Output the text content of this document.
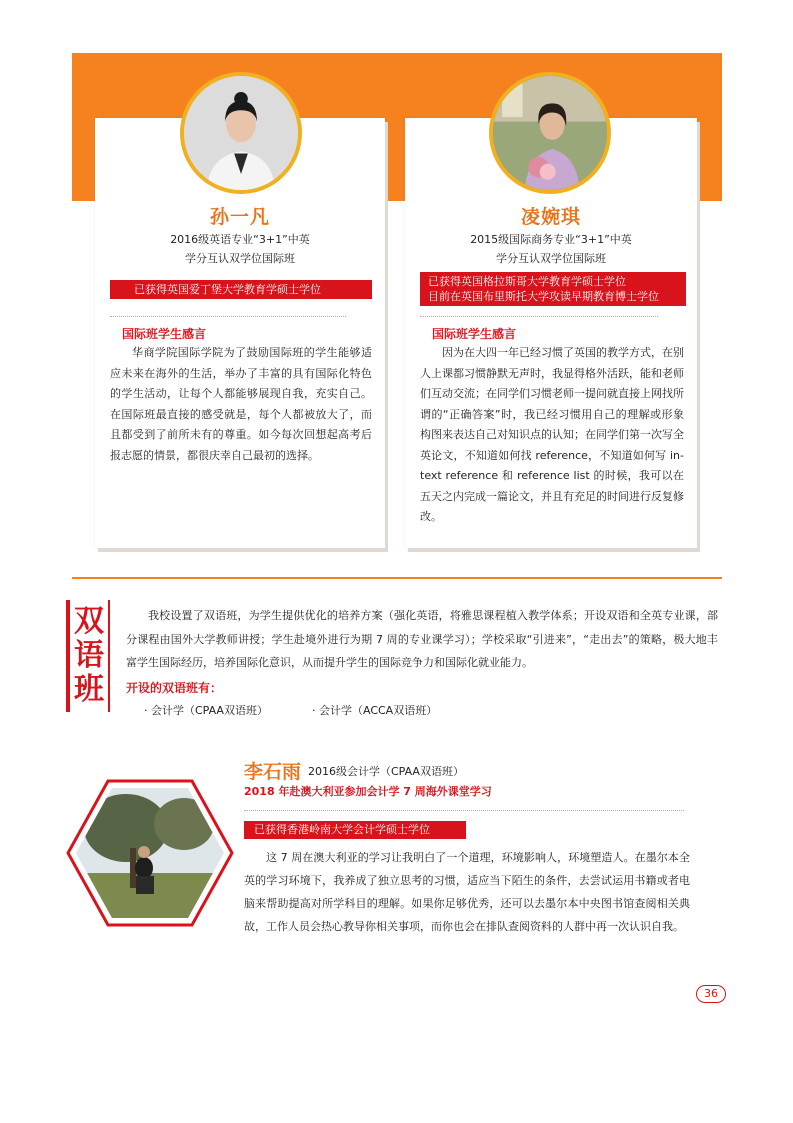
孙一凡
2016级英语专业“3+1”中英
学分互认双学位国际班
已获得英国爱丁堡大学教育学硕士学位
国际班学生感言
华商学院国际学院为了鼓励国际班的学生能够适应未来在海外的生活，举办了丰富的具有国际化特色的学生活动，让每个人都能够展现自我，充实自己。在国际班最直接的感受就是，每个人都被放大了，而且都受到了前所未有的尊重。如今每次回想起高考后报志愿的情景，都很庆幸自己最初的选择。
凌婉琪
2015级国际商务专业“3+1”中英
学分互认双学位国际班
已获得英国格拉斯哥大学教育学硕士学位
目前在英国布里斯托大学攻读早期教育博士学位
国际班学生感言
因为在大四一年已经习惯了英国的教学方式，在别人上课都习惯静默无声时，我显得格外活跃，能和老师们互动交流；在同学们习惯老师一提问就直接上网找所谓的“正确答案”时，我已经习惯用自己的理解或形象构图来表达自己对知识点的认知；在同学们第一次写全英论文，不知道如何找 reference，不知道如何写 in-text reference 和 reference list 的时候，我可以在五天之内完成一篇论文，并且有充足的时间进行反复修改。
双
语
班
我校设置了双语班，为学生提供优化的培养方案（强化英语，将雅思课程植入教学体系；开设双语和全英专业课，部分课程由国外大学教师讲授；学生赴境外进行为期 7 周的专业课学习）；学校采取“引进来”，“走出去”的策略，极大地丰富学生国际经历，培养国际化意识，从而提升学生的国际竞争力和国际化就业能力。
开设的双语班有：
· 会计学（CPAA双语班）	· 会计学（ACCA双语班）
李石雨 2016级会计学（CPAA双语班）
2018 年赴澳大利亚参加会计学 7 周海外课堂学习
已获得香港岭南大学会计学硕士学位
这 7 周在澳大利亚的学习让我明白了一个道理，环境影响人，环境塑造人。在墨尔本全英的学习环境下，我养成了独立思考的习惯，适应当下陌生的条件，去尝试运用书籍或者电脑来帮助提高对所学科目的理解。如果你足够优秀，还可以去墨尔本中央图书馆查阅相关典故，工作人员会热心教导你相关事项，而你也会在排队查阅资料的人群中再一次认识自我。
36
